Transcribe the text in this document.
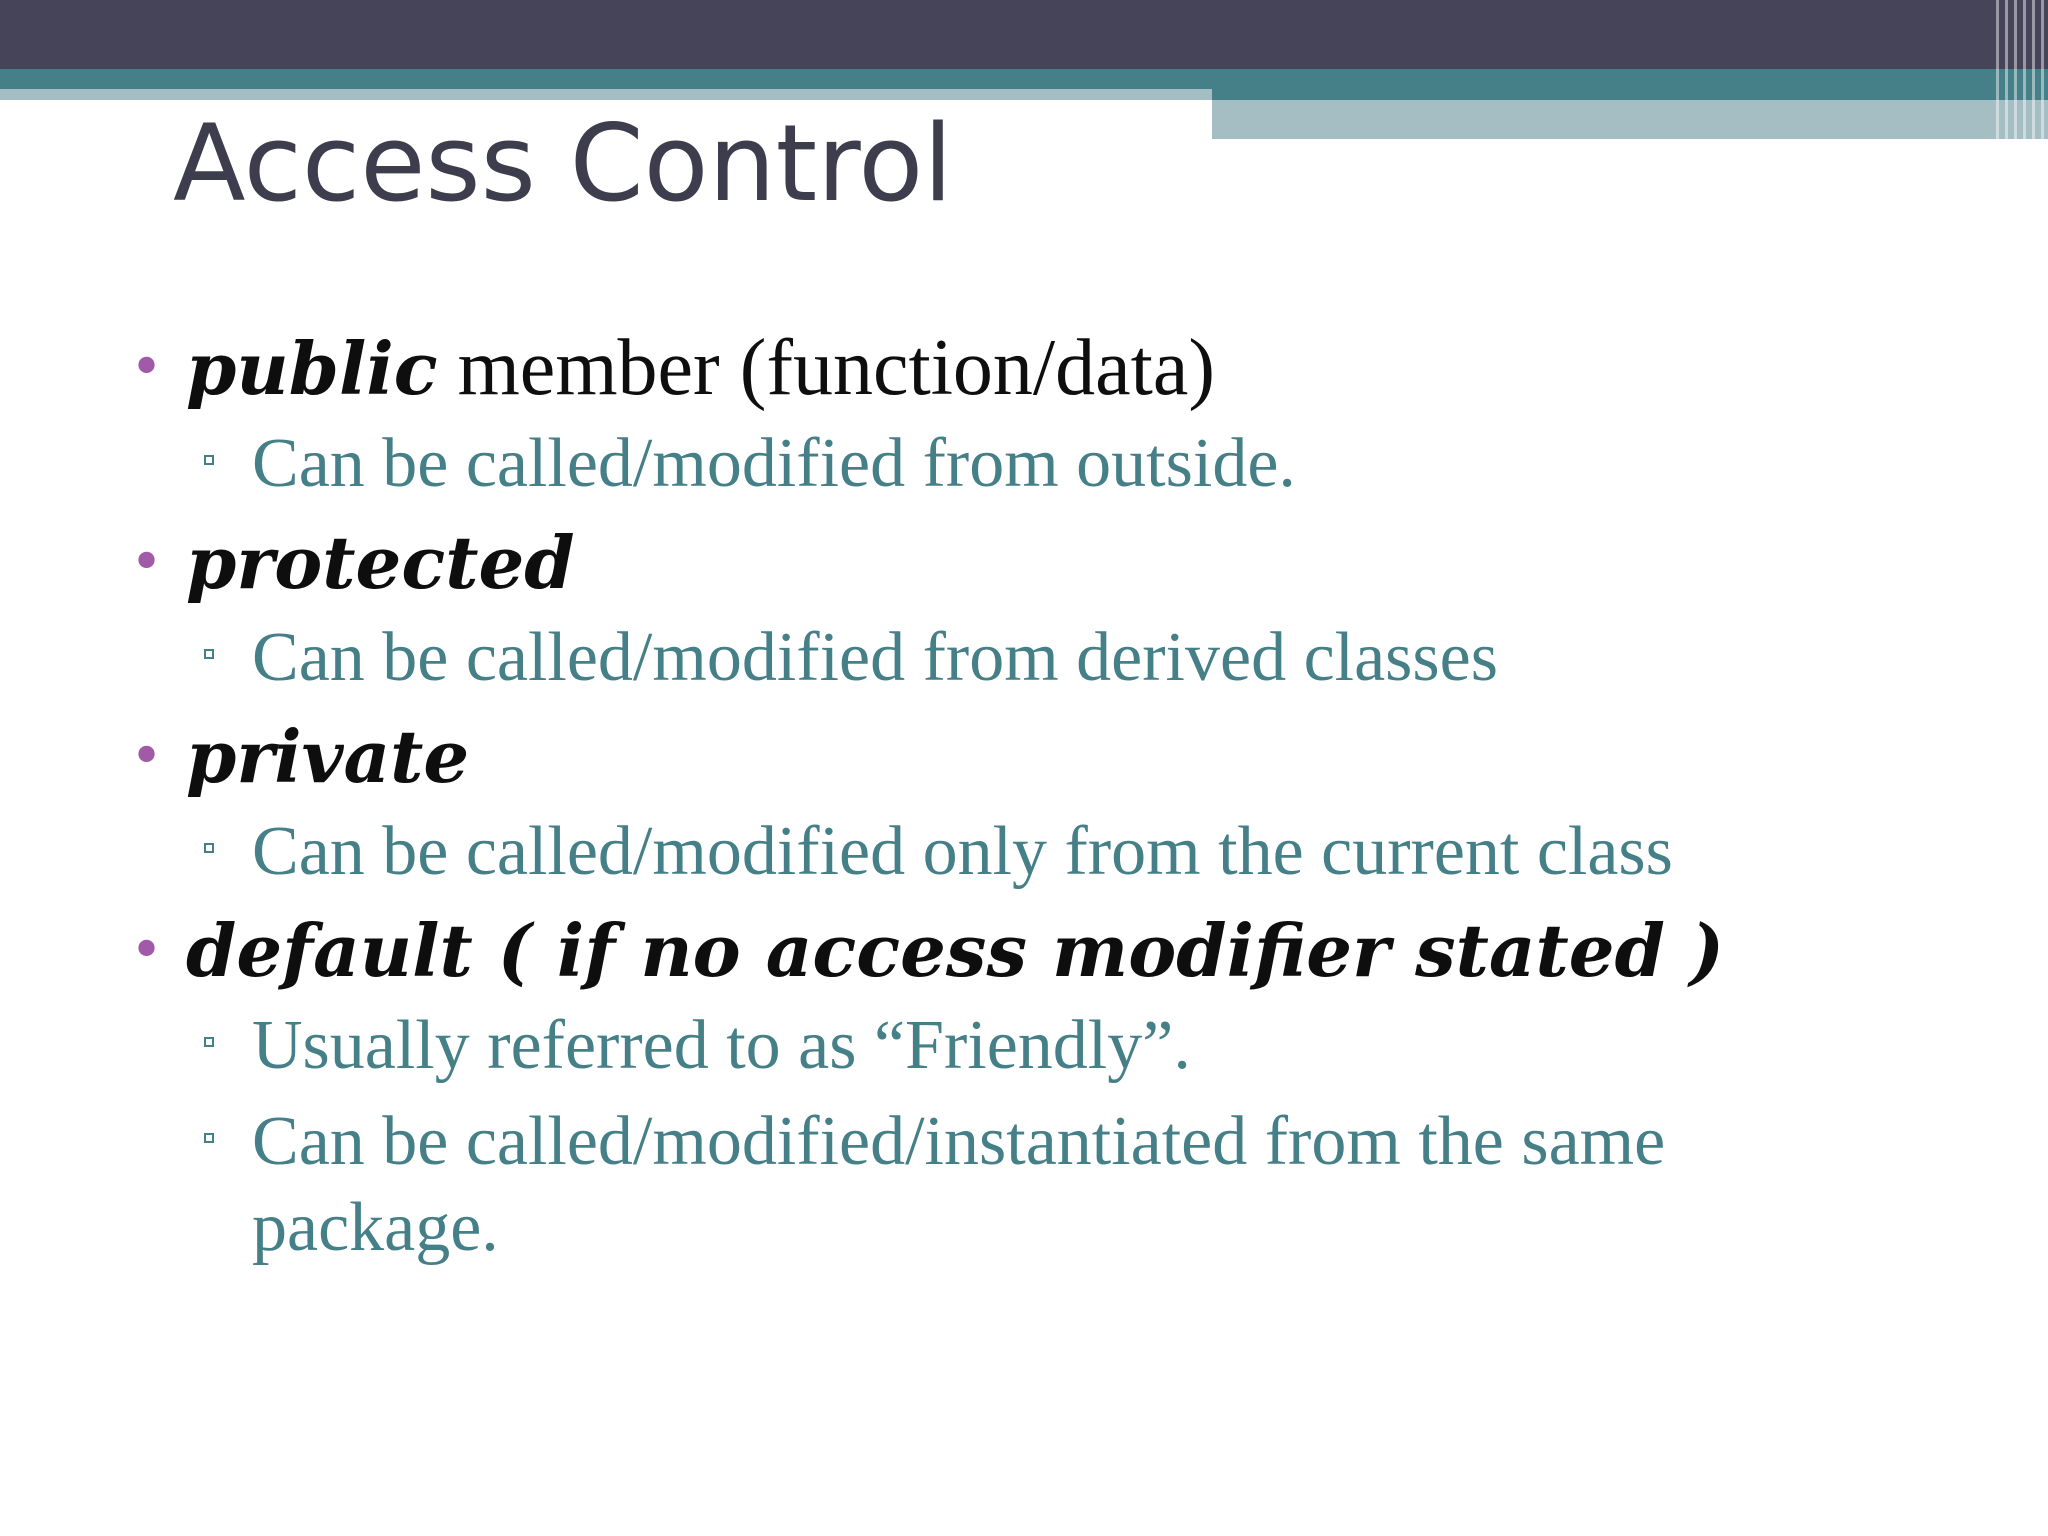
Access Control
• public member (function/data)
Can be called/modified from outside.
• protected
Can be called/modified from derived classes
• private
Can be called/modified only from the current class
• default ( if no access modifier stated )
Usually referred to as “Friendly”.
Can be called/modified/instantiated from the same package.
